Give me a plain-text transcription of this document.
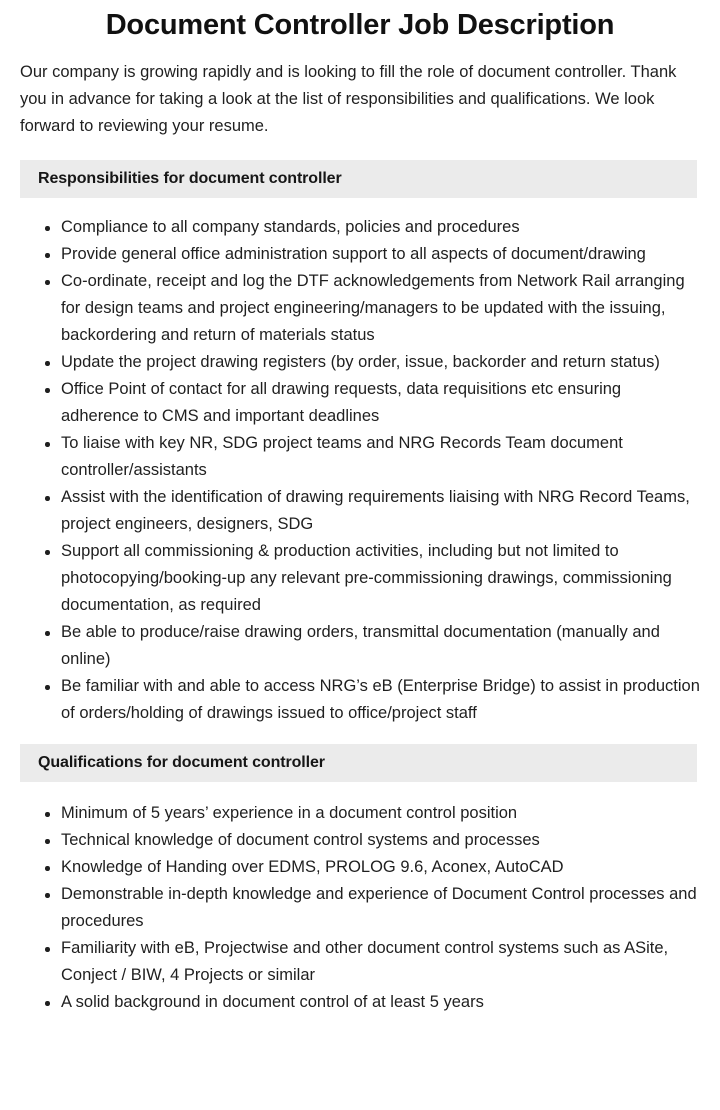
Document Controller Job Description

Our company is growing rapidly and is looking to fill the role of document controller. Thank you in advance for taking a look at the list of responsibilities and qualifications. We look forward to reviewing your resume.

Responsibilities for document controller
Compliance to all company standards, policies and procedures
Provide general office administration support to all aspects of document/drawing
Co-ordinate, receipt and log the DTF acknowledgements from Network Rail arranging for design teams and project engineering/managers to be updated with the issuing, backordering and return of materials status
Update the project drawing registers (by order, issue, backorder and return status)
Office Point of contact for all drawing requests, data requisitions etc ensuring adherence to CMS and important deadlines
To liaise with key NR, SDG project teams and NRG Records Team document controller/assistants
Assist with the identification of drawing requirements liaising with NRG Record Teams, project engineers, designers, SDG
Support all commissioning & production activities, including but not limited to photocopying/booking-up any relevant pre-commissioning drawings, commissioning documentation, as required
Be able to produce/raise drawing orders, transmittal documentation (manually and online)
Be familiar with and able to access NRG’s eB (Enterprise Bridge) to assist in production of orders/holding of drawings issued to office/project staff
Qualifications for document controller
Minimum of 5 years’ experience in a document control position
Technical knowledge of document control systems and processes
Knowledge of Handing over EDMS, PROLOG 9.6, Aconex, AutoCAD
Demonstrable in-depth knowledge and experience of Document Control processes and procedures
Familiarity with eB, Projectwise and other document control systems such as ASite, Conject / BIW, 4 Projects or similar
A solid background in document control of at least 5 years
